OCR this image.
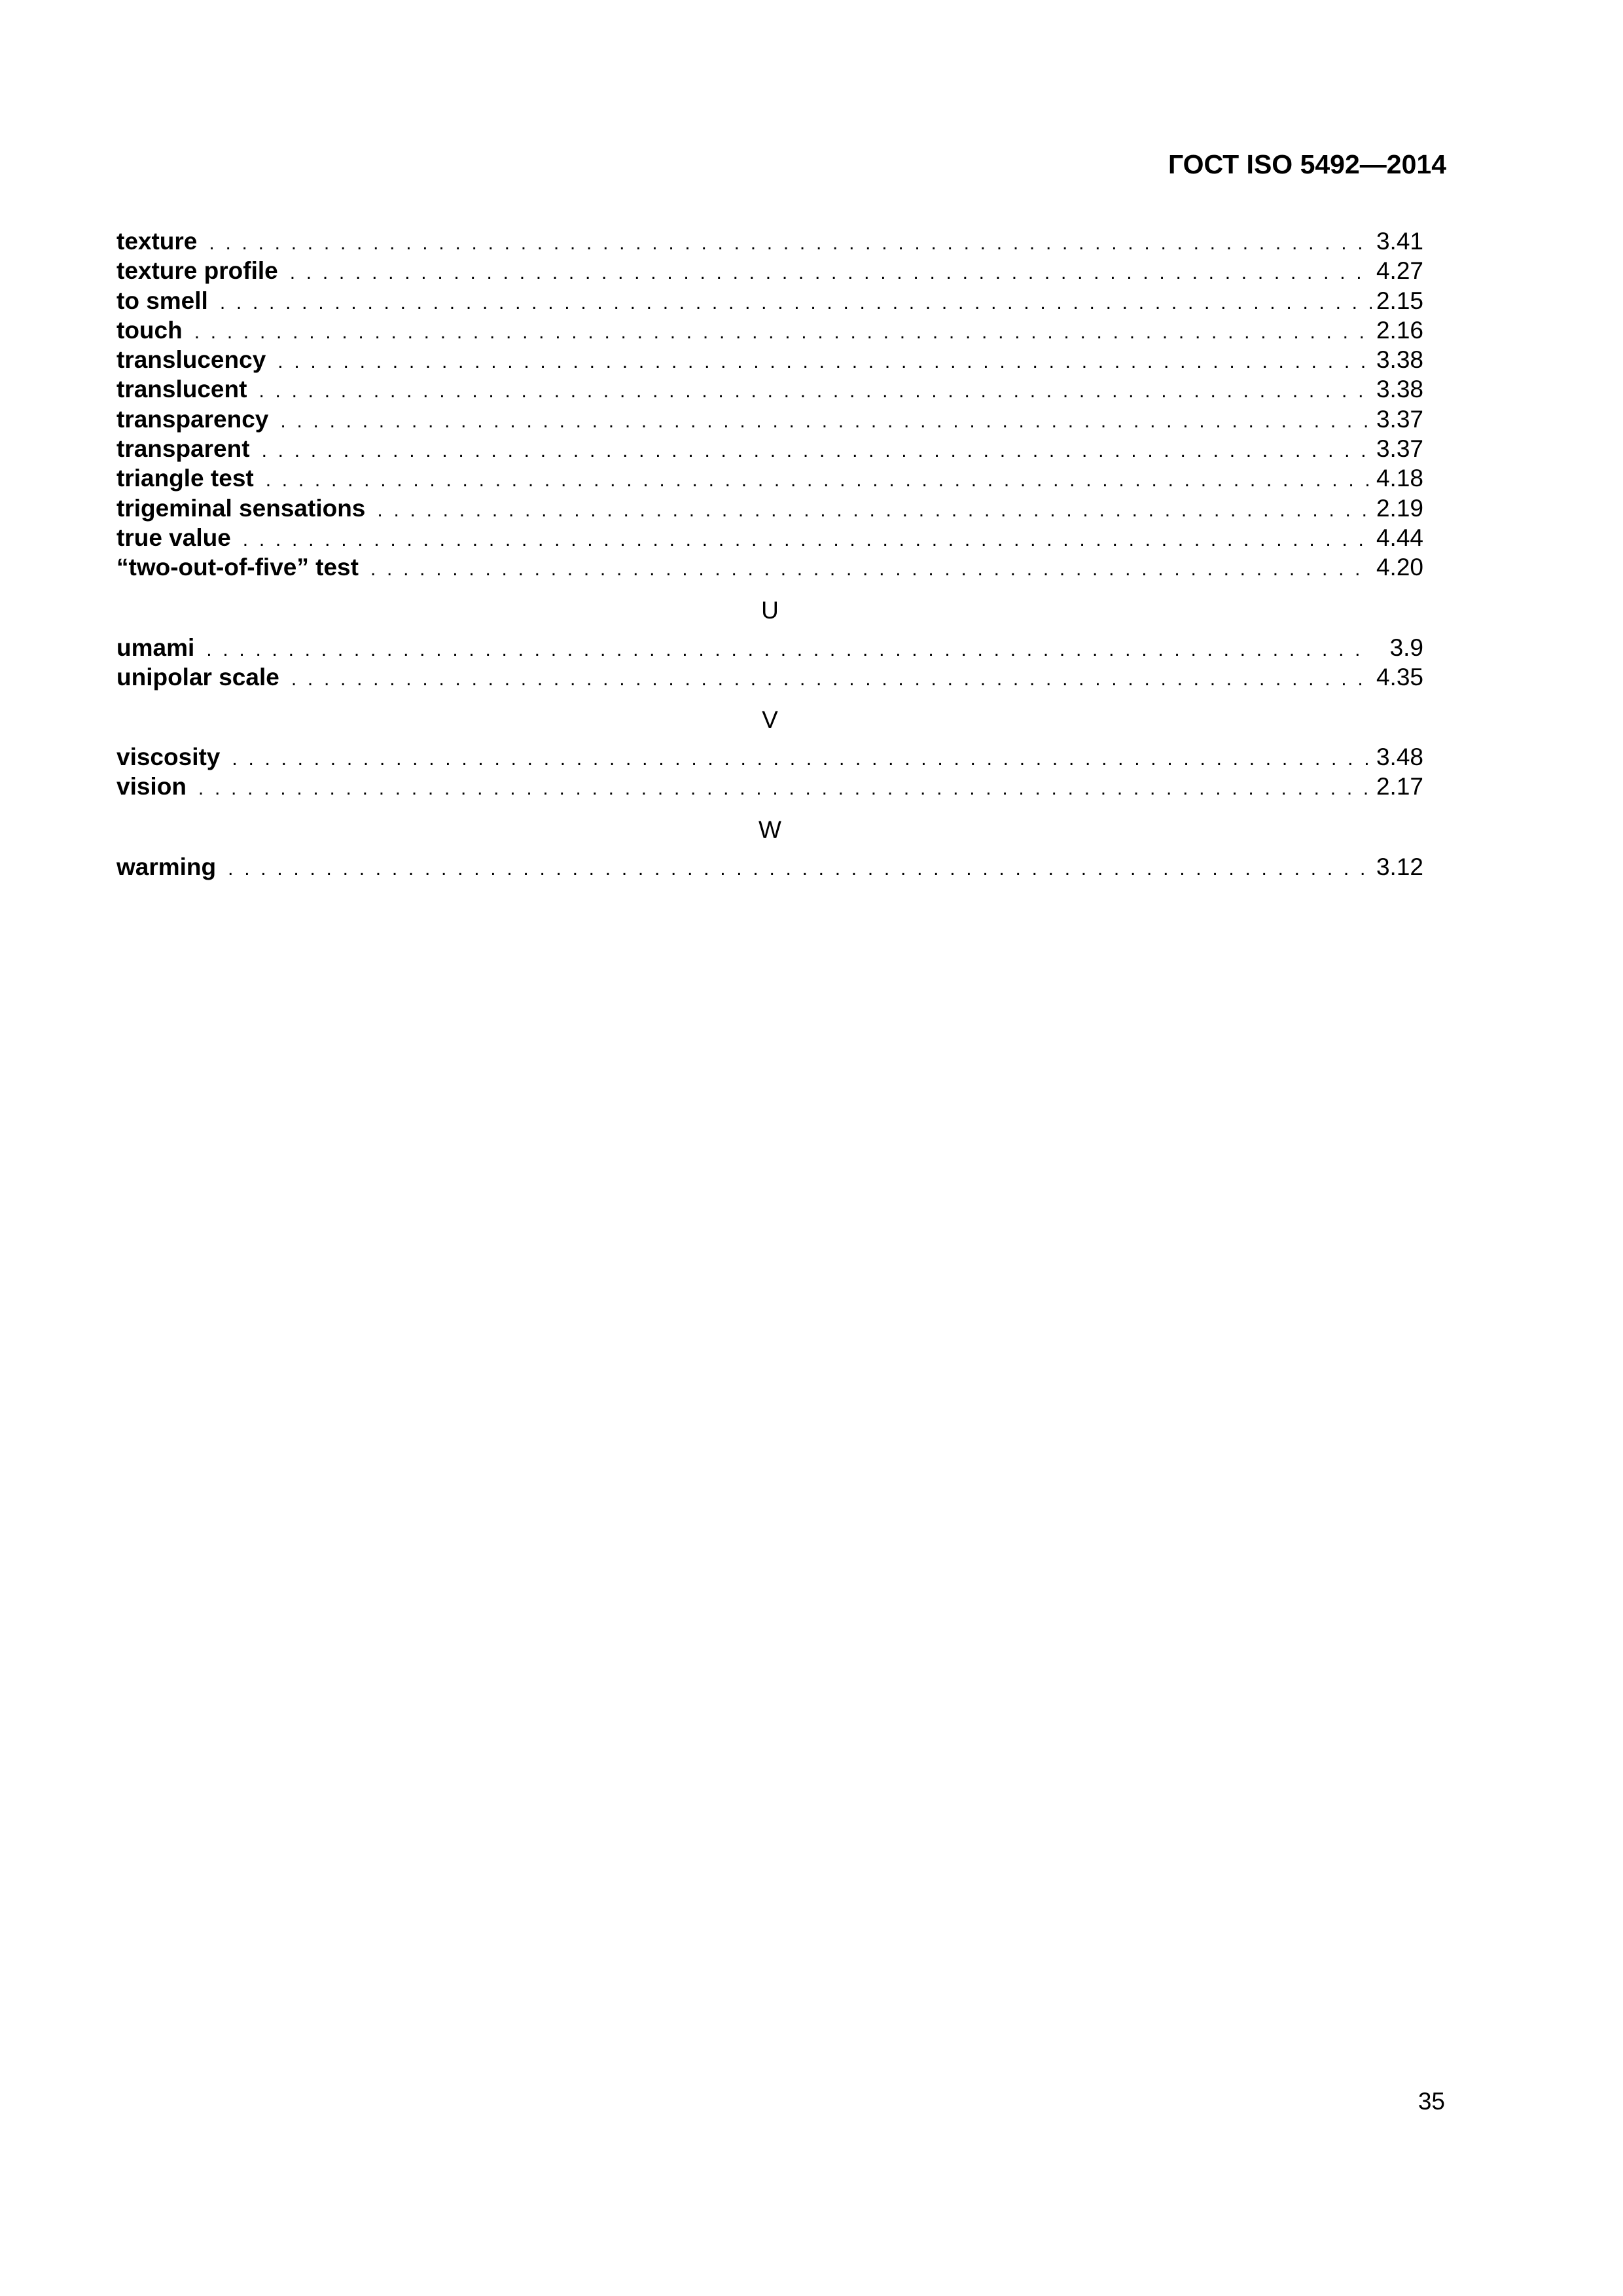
ГОСТ ISO 5492—2014
texture . . .	3.41
texture profile . . .	4.27
to smell . . .	2.15
touch . . .	2.16
translucency . . .	3.38
translucent . . .	3.38
transparency . . .	3.37
transparent . . .	3.37
triangle test . . .	4.18
trigeminal sensations . . .	2.19
true value . . .	4.44
“two-out-of-five” test . . .	4.20
U
umami . . .	3.9
unipolar scale . . .	4.35
V
viscosity . . .	3.48
vision . . .	2.17
W
warming . . .	3.12
35
